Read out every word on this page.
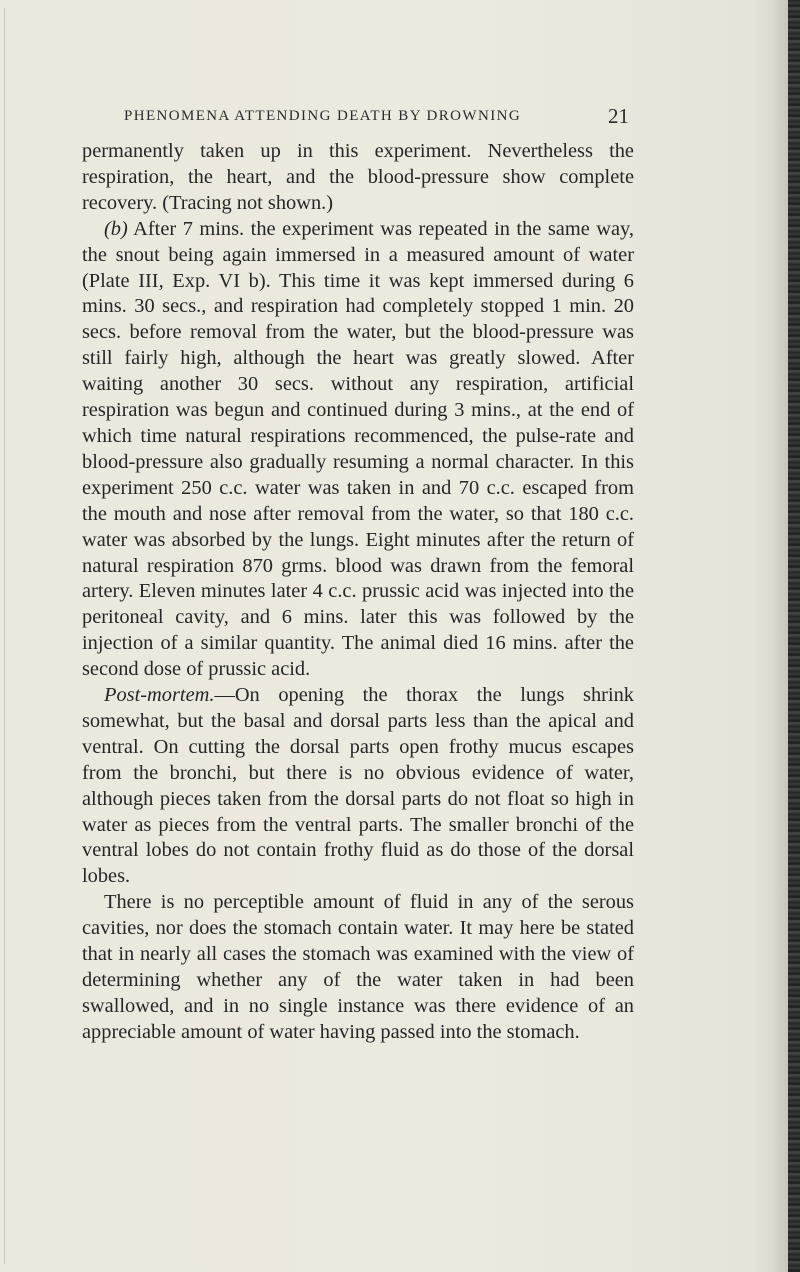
PHENOMENA ATTENDING DEATH BY DROWNING	21

permanently taken up in this experiment. Nevertheless the respiration, the heart, and the blood-pressure show complete recovery. (Tracing not shown.)

(b) After 7 mins. the experiment was repeated in the same way, the snout being again immersed in a measured amount of water (Plate III, Exp. VI b). This time it was kept immersed during 6 mins. 30 secs., and respiration had completely stopped 1 min. 20 secs. before removal from the water, but the blood-pressure was still fairly high, although the heart was greatly slowed. After waiting another 30 secs. without any respiration, artificial respiration was begun and continued during 3 mins., at the end of which time natural respirations recommenced, the pulse-rate and blood-pressure also gradually resuming a normal character. In this experiment 250 c.c. water was taken in and 70 c.c. escaped from the mouth and nose after removal from the water, so that 180 c.c. water was absorbed by the lungs. Eight minutes after the return of natural respiration 870 grms. blood was drawn from the femoral artery. Eleven minutes later 4 c.c. prussic acid was injected into the peritoneal cavity, and 6 mins. later this was followed by the injection of a similar quantity. The animal died 16 mins. after the second dose of prussic acid.

Post-mortem.—On opening the thorax the lungs shrink somewhat, but the basal and dorsal parts less than the apical and ventral. On cutting the dorsal parts open frothy mucus escapes from the bronchi, but there is no obvious evidence of water, although pieces taken from the dorsal parts do not float so high in water as pieces from the ventral parts. The smaller bronchi of the ventral lobes do not contain frothy fluid as do those of the dorsal lobes.

There is no perceptible amount of fluid in any of the serous cavities, nor does the stomach contain water. It may here be stated that in nearly all cases the stomach was examined with the view of determining whether any of the water taken in had been swallowed, and in no single instance was there evidence of an appreciable amount of water having passed into the stomach.
